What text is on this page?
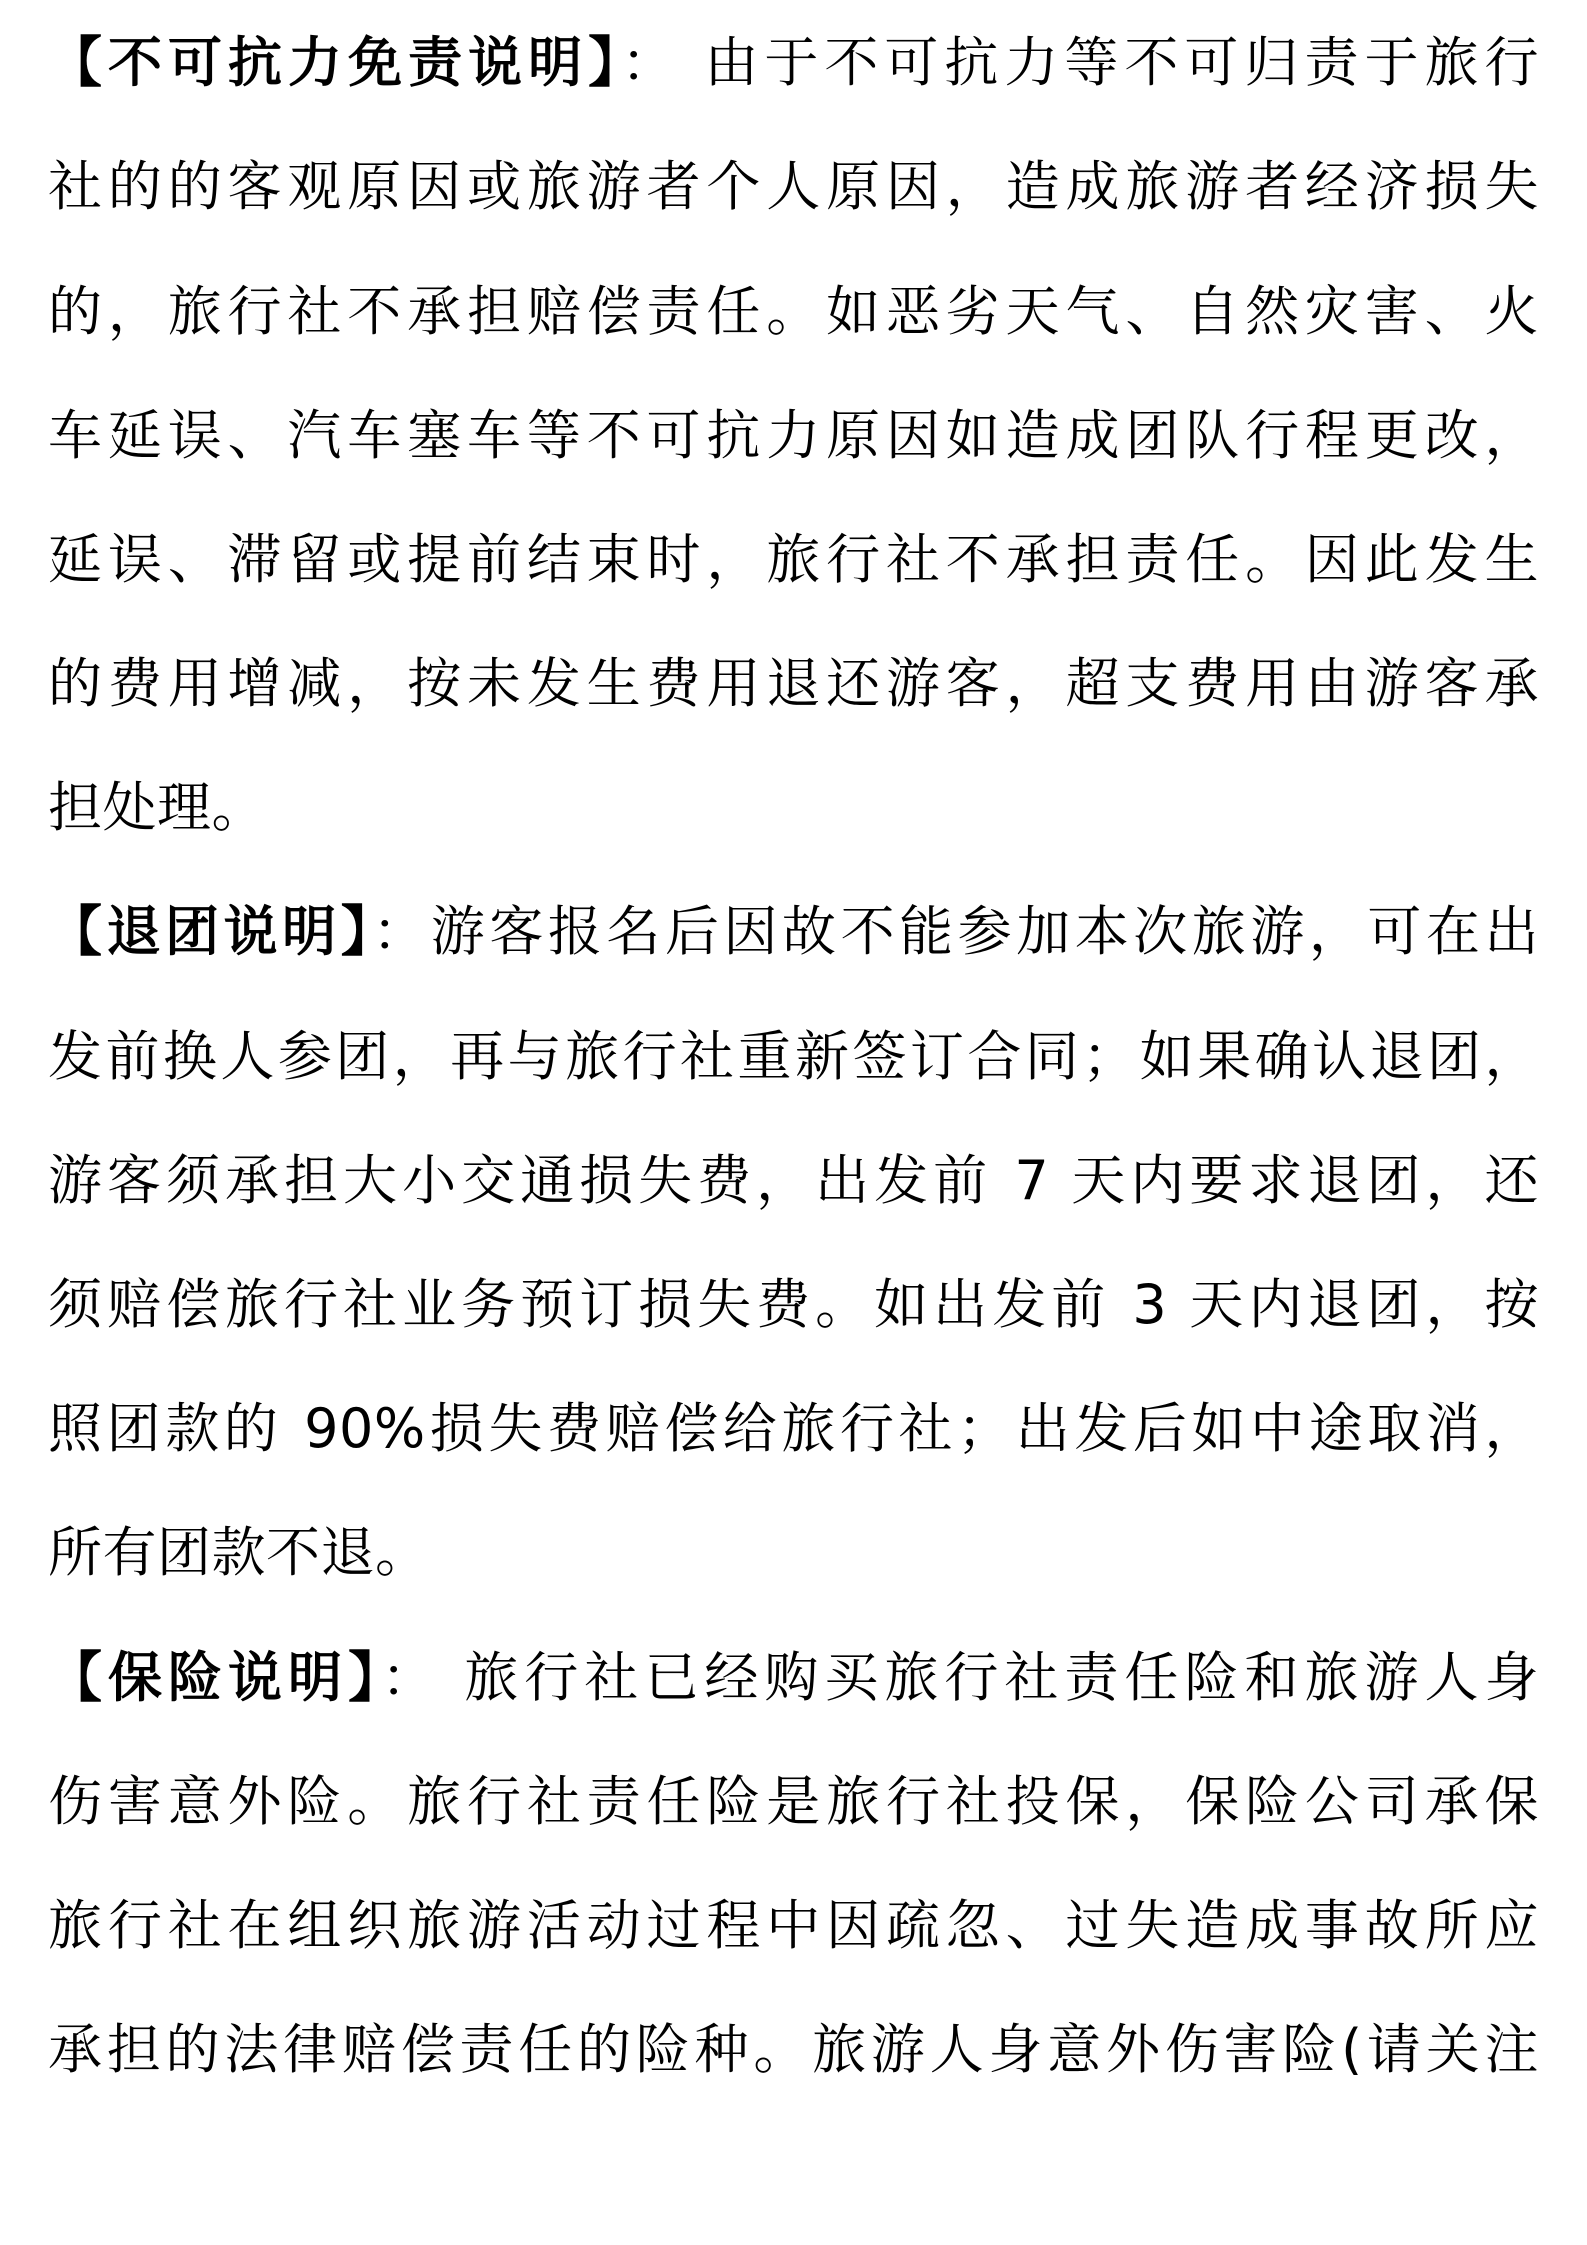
【不可抗力免责说明】： 由于不可抗力等不可归责于旅行
社的的客观原因或旅游者个人原因，造成旅游者经济损失
的，旅行社不承担赔偿责任。如恶劣天气、自然灾害、火
车延误、汽车塞车等不可抗力原因如造成团队行程更改，
延误、滞留或提前结束时，旅行社不承担责任。因此发生
的费用增减，按未发生费用退还游客，超支费用由游客承
担处理。
【退团说明】：游客报名后因故不能参加本次旅游，可在出
发前换人参团，再与旅行社重新签订合同；如果确认退团，
游客须承担大小交通损失费，出发前 7 天内要求退团，还
须赔偿旅行社业务预订损失费。如出发前 3 天内退团，按
照团款的 90%损失费赔偿给旅行社；出发后如中途取消，
所有团款不退。
【保险说明】： 旅行社已经购买旅行社责任险和旅游人身
伤害意外险。旅行社责任险是旅行社投保，保险公司承保
旅行社在组织旅游活动过程中因疏忽、过失造成事故所应
承担的法律赔偿责任的险种。旅游人身意外伤害险(请关注
